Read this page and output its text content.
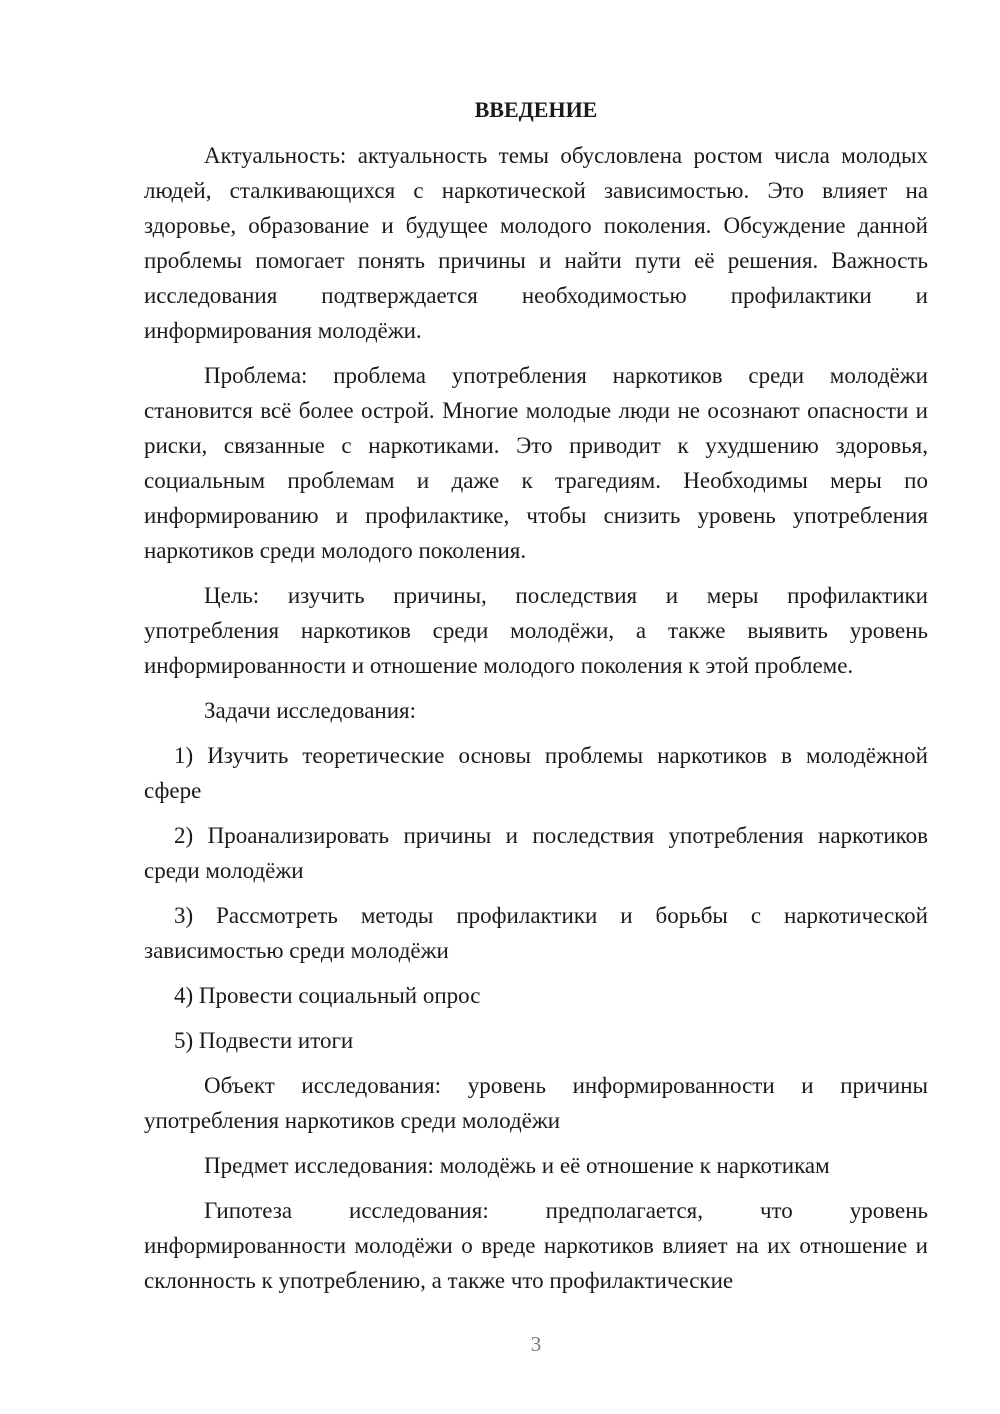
ВВЕДЕНИЕ

Актуальность: актуальность темы обусловлена ростом числа молодых людей, сталкивающихся с наркотической зависимостью. Это влияет на здоровье, образование и будущее молодого поколения. Обсуждение данной проблемы помогает понять причины и найти пути её решения. Важность исследования подтверждается необходимостью профилактики и информирования молодёжи.

Проблема: проблема употребления наркотиков среди молодёжи становится всё более острой. Многие молодые люди не осознают опасности и риски, связанные с наркотиками. Это приводит к ухудшению здоровья, социальным проблемам и даже к трагедиям. Необходимы меры по информированию и профилактике, чтобы снизить уровень употребления наркотиков среди молодого поколения.

Цель: изучить причины, последствия и меры профилактики употребления наркотиков среди молодёжи, а также выявить уровень информированности и отношение молодого поколения к этой проблеме.

Задачи исследования:

1) Изучить теоретические основы проблемы наркотиков в молодёжной сфере

2) Проанализировать причины и последствия употребления наркотиков среди молодёжи

3) Рассмотреть методы профилактики и борьбы с наркотической зависимостью среди молодёжи

4) Провести социальный опрос

5) Подвести итоги

Объект исследования: уровень информированности и причины употребления наркотиков среди молодёжи

Предмет исследования: молодёжь и её отношение к наркотикам

Гипотеза исследования: предполагается, что уровень информированности молодёжи о вреде наркотиков влияет на их отношение и склонность к употреблению, а также что профилактические

3
